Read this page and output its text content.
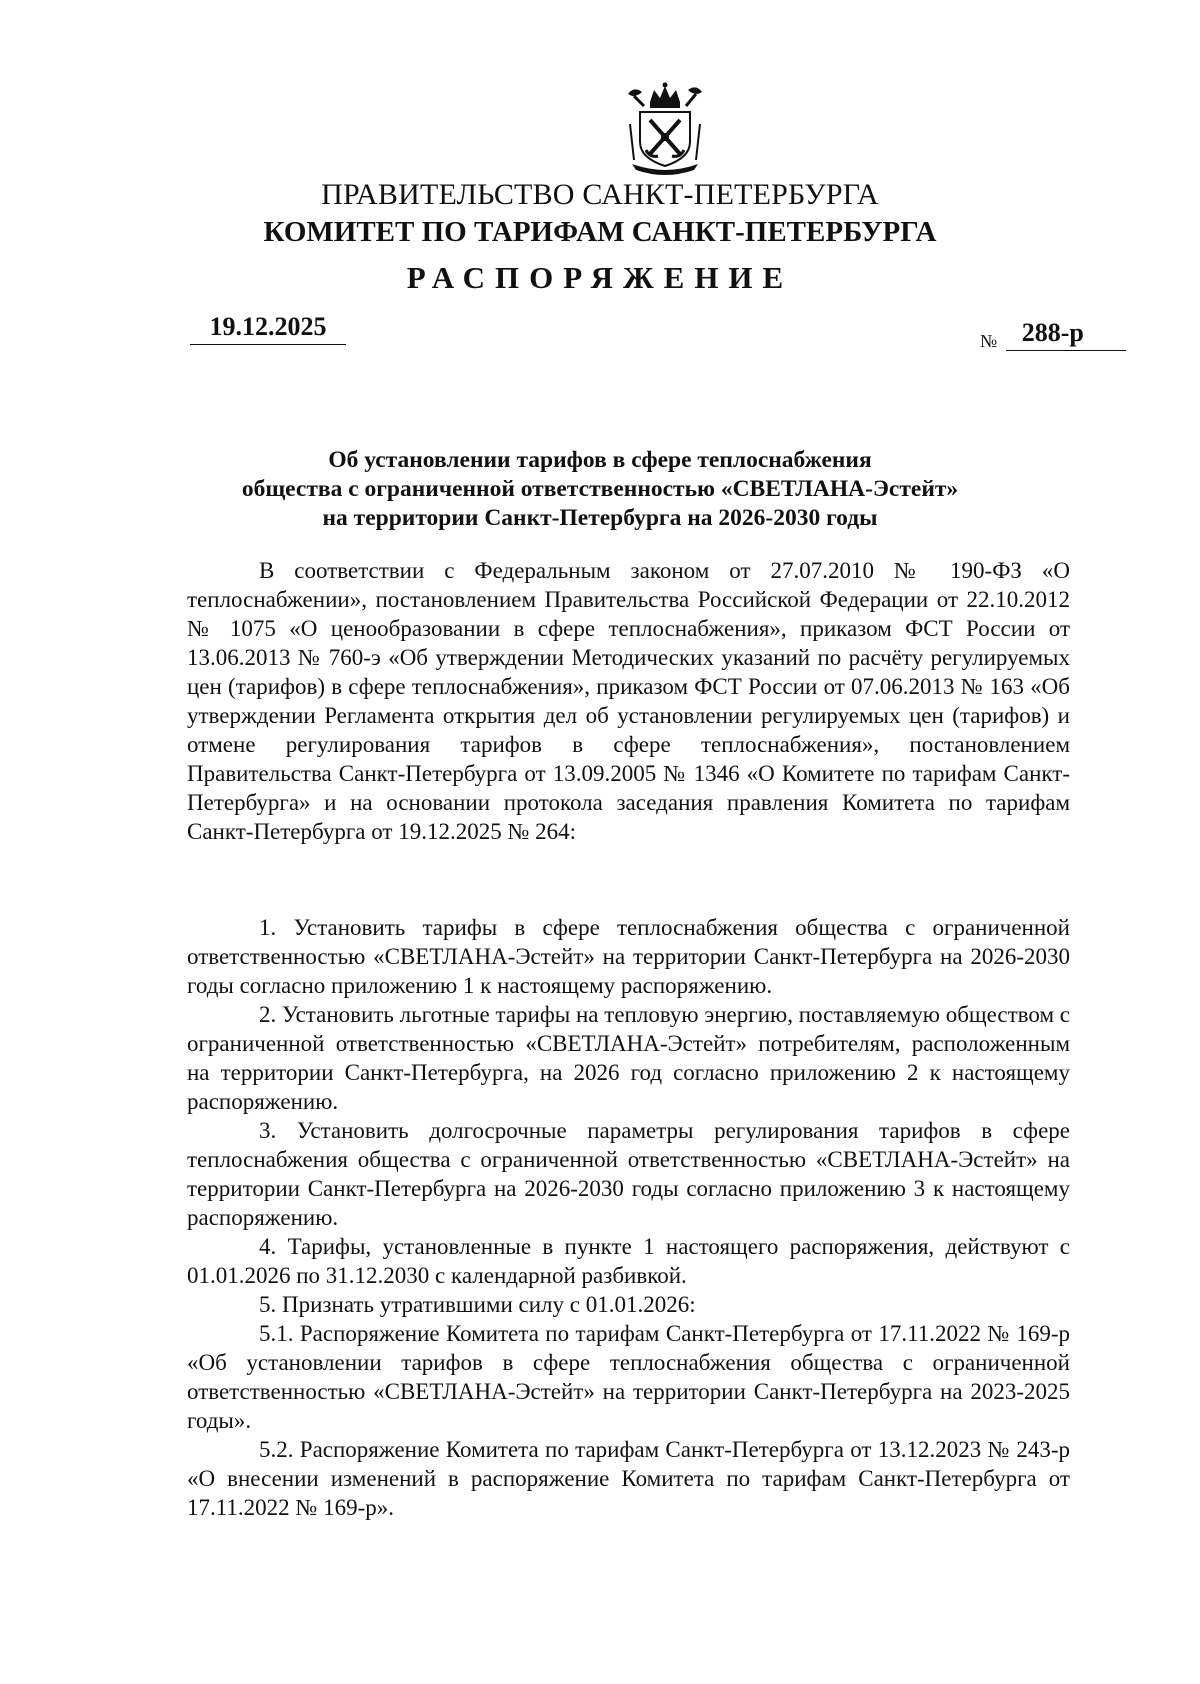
ПРАВИТЕЛЬСТВО САНКТ-ПЕТЕРБУРГА
КОМИТЕТ ПО ТАРИФАМ САНКТ-ПЕТЕРБУРГА
РАСПОРЯЖЕНИЕ
19.12.2025	$_№$ 288-р
Об установлении тарифов в сфере теплоснабжения
общества с ограниченной ответственностью «СВЕТЛАНА-Эстейт»
на территории Санкт-Петербурга на 2026-2030 годы

В соответствии с Федеральным законом от 27.07.2010 № 190-ФЗ «О теплоснабжении», постановлением Правительства Российской Федерации от 22.10.2012 № 1075 «О ценообразовании в сфере теплоснабжения», приказом ФСТ России от 13.06.2013 № 760-э «Об утверждении Методических указаний по расчёту регулируемых цен (тарифов) в сфере теплоснабжения», приказом ФСТ России от 07.06.2013 № 163 «Об утверждении Регламента открытия дел об установлении регулируемых цен (тарифов) и отмене регулирования тарифов в сфере теплоснабжения», постановлением Правительства Санкт-Петербурга от 13.09.2005 № 1346 «О Комитете по тарифам Санкт-Петербурга» и на основании протокола заседания правления Комитета по тарифам Санкт-Петербурга от 19.12.2025 № 264:

1. Установить тарифы в сфере теплоснабжения общества с ограниченной ответственностью «СВЕТЛАНА-Эстейт» на территории Санкт-Петербурга на 2026-2030 годы согласно приложению 1 к настоящему распоряжению.

2. Установить льготные тарифы на тепловую энергию, поставляемую обществом с ограниченной ответственностью «СВЕТЛАНА-Эстейт» потребителям, расположенным на территории Санкт-Петербурга, на 2026 год согласно приложению 2 к настоящему распоряжению.

3. Установить долгосрочные параметры регулирования тарифов в сфере теплоснабжения общества с ограниченной ответственностью «СВЕТЛАНА-Эстейт» на территории Санкт-Петербурга на 2026-2030 годы согласно приложению 3 к настоящему распоряжению.

4. Тарифы, установленные в пункте 1 настоящего распоряжения, действуют с 01.01.2026 по 31.12.2030 с календарной разбивкой.

5. Признать утратившими силу с 01.01.2026:

5.1. Распоряжение Комитета по тарифам Санкт-Петербурга от 17.11.2022 № 169-р «Об установлении тарифов в сфере теплоснабжения общества с ограниченной ответственностью «СВЕТЛАНА-Эстейт» на территории Санкт-Петербурга на 2023-2025 годы».

5.2. Распоряжение Комитета по тарифам Санкт-Петербурга от 13.12.2023 № 243-р «О внесении изменений в распоряжение Комитета по тарифам Санкт-Петербурга от 17.11.2022 № 169-р».
